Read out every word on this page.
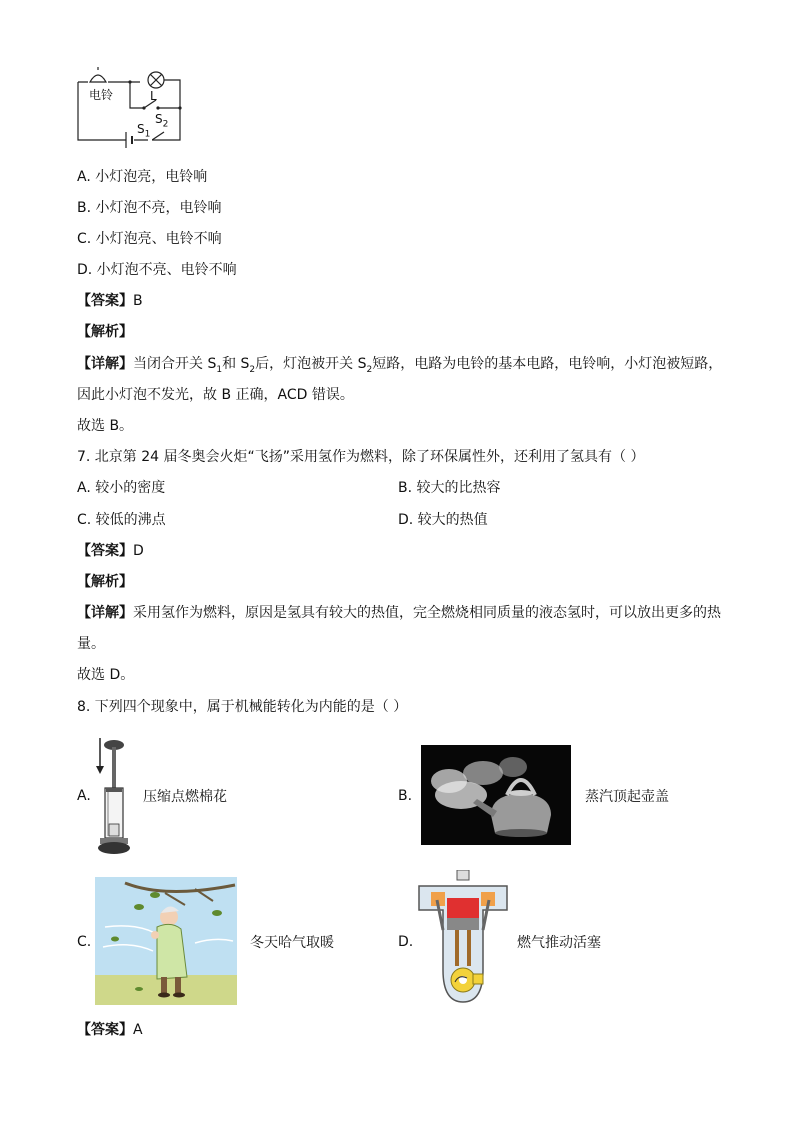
电铃	L
$S_2$
$S_1$
A. 小灯泡亮，电铃响
B. 小灯泡不亮，电铃响
C. 小灯泡亮、电铃不响
D. 小灯泡不亮、电铃不响
【答案】B
【解析】
【详解】当闭合开关 $S_1$和 $S_2$后，灯泡被开关 $S_2$短路，电路为电铃的基本电路，电铃响，小灯泡被短路，
因此小灯泡不发光，故 B 正确，ACD 错误。
故选 B。
7. 北京第 24 届冬奥会火炬“飞扬”采用氢作为燃料，除了环保属性外，还利用了氢具有（ ）
A. 较小的密度	B. 较大的比热容
C. 较低的沸点	D. 较大的热值
【答案】D
【解析】
【详解】采用氢作为燃料，原因是氢具有较大的热值，完全燃烧相同质量的液态氢时，可以放出更多的热
量。
故选 D。
8. 下列四个现象中，属于机械能转化为内能的是（ ）
A.	压缩点燃棉花	B.	蒸汽顶起壶盖
C.	冬天哈气取暖	D.	燃气推动活塞
【答案】A
